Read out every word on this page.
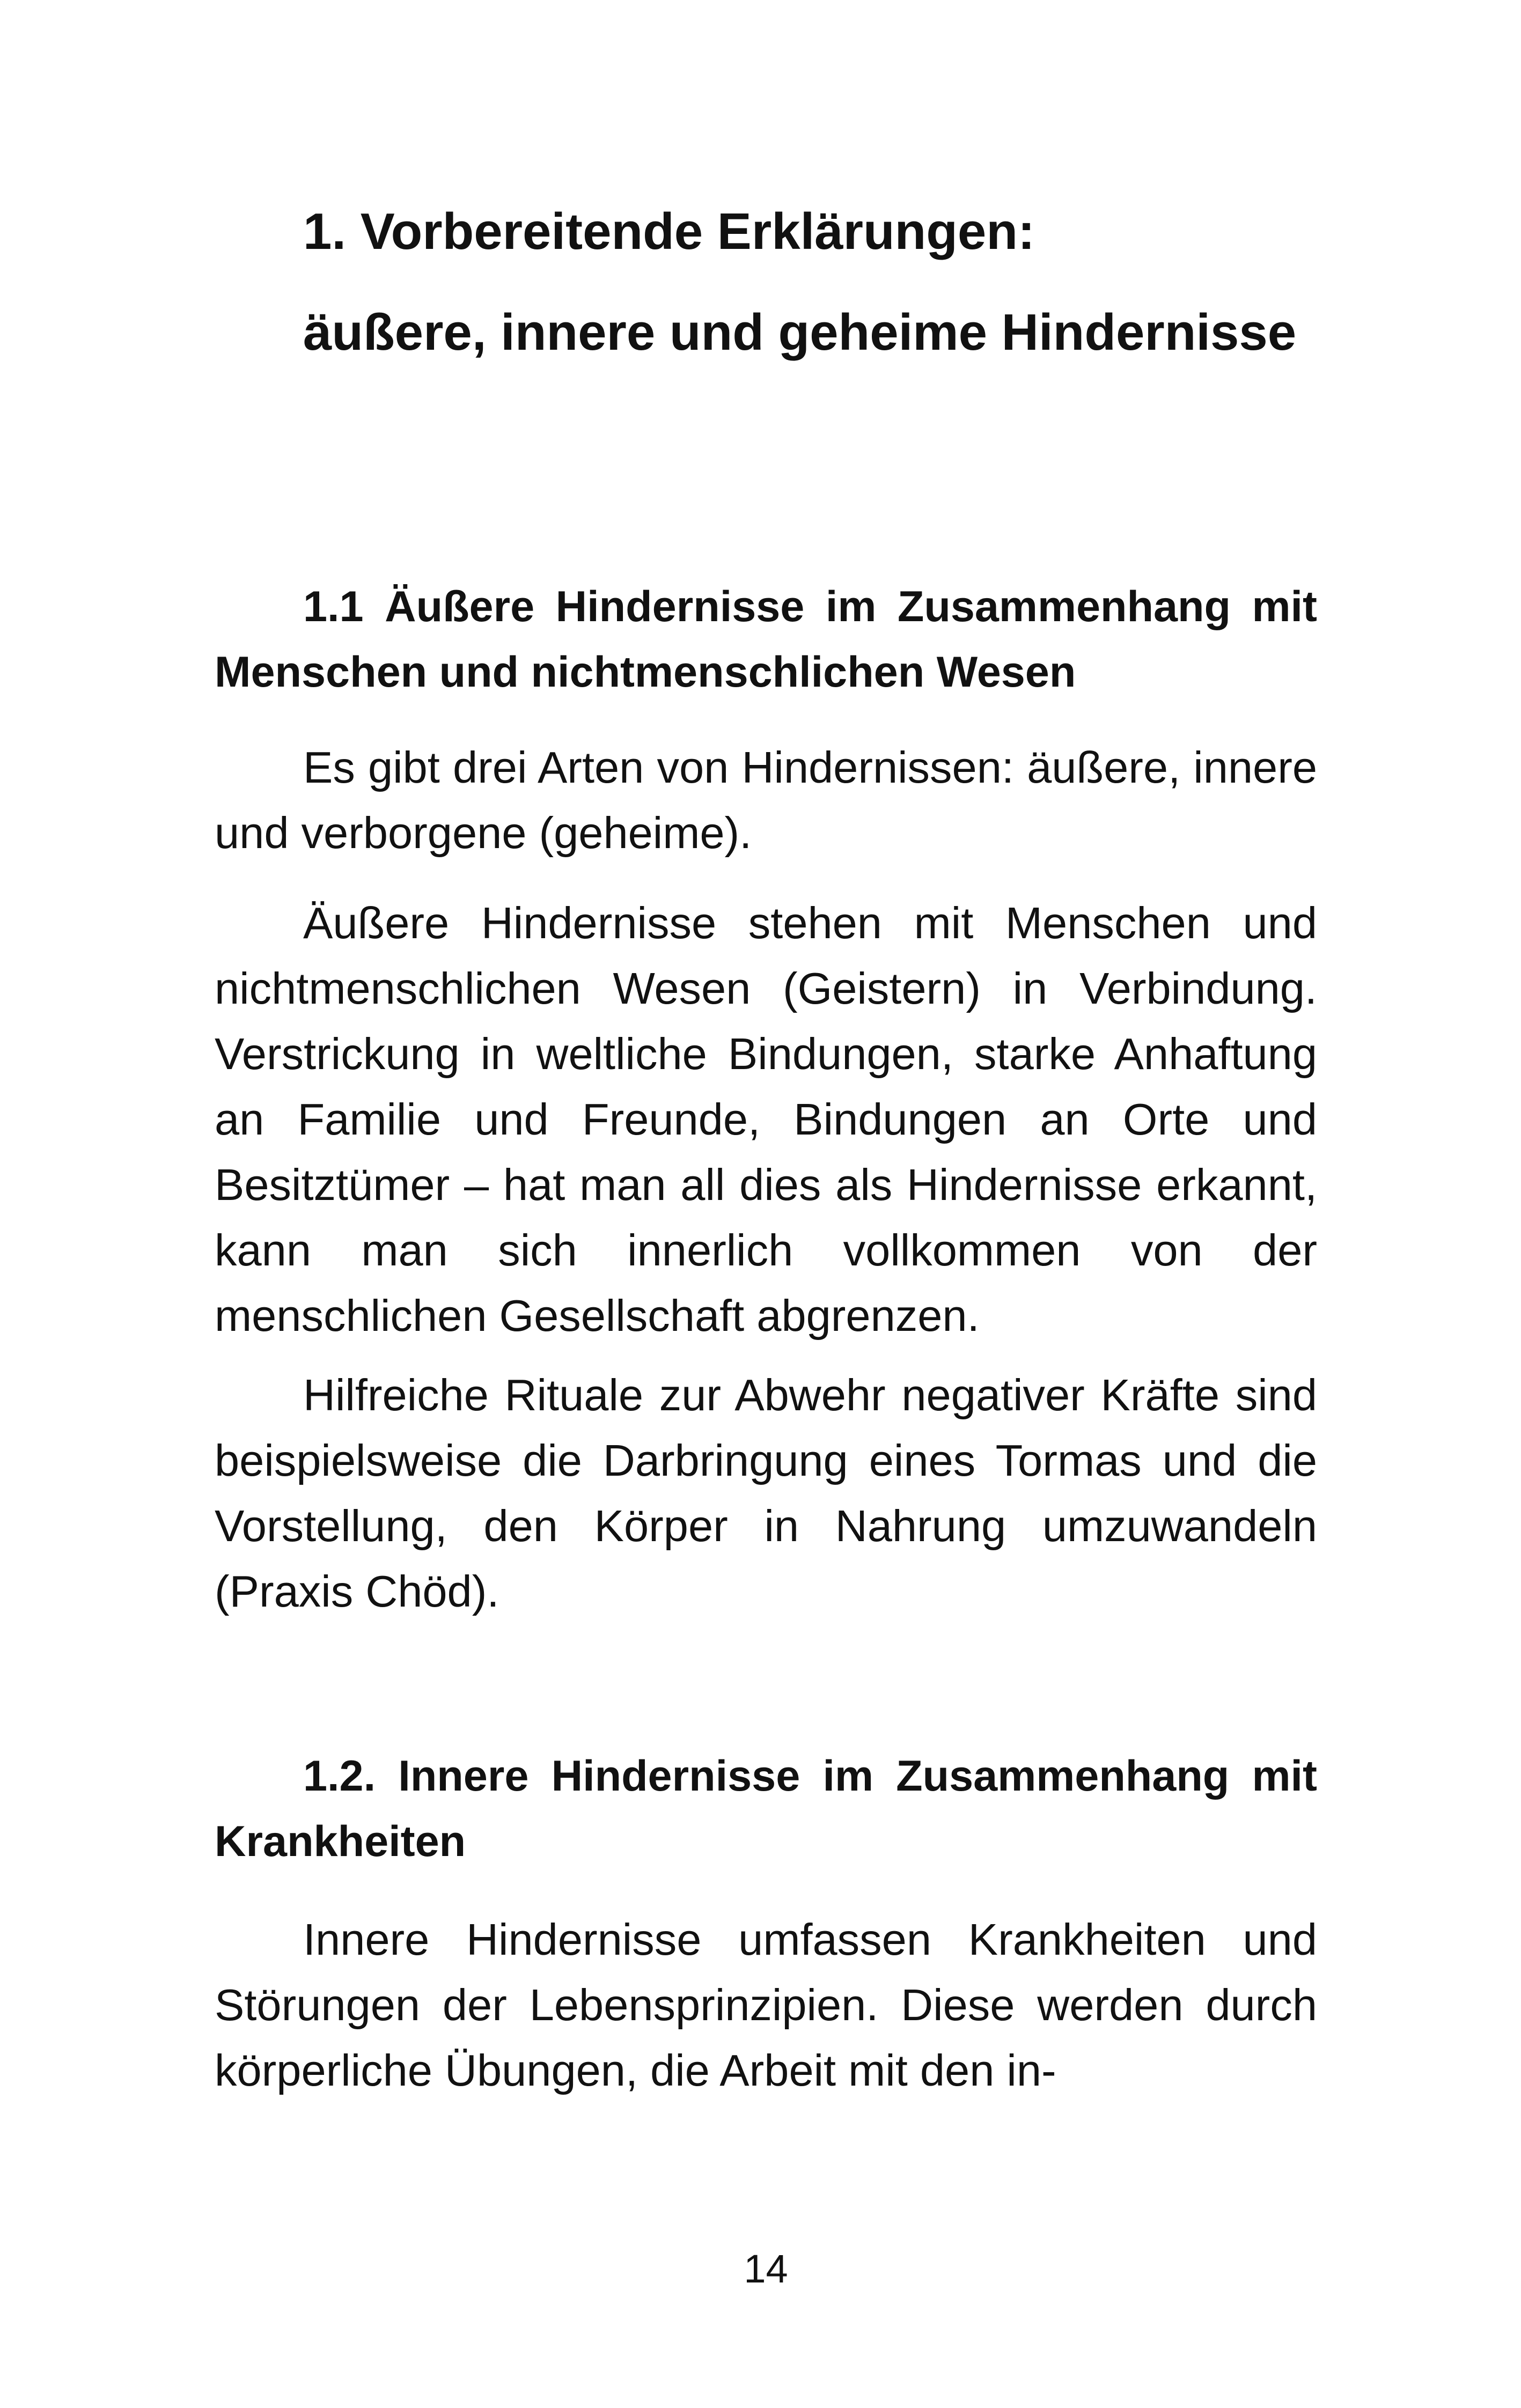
1. Vorbereitende Erklärungen:
äußere, innere und geheime Hindernisse
1.1 Äußere Hindernisse im Zusammenhang mit Menschen und nichtmenschlichen Wesen

Es gibt drei Arten von Hindernissen: äußere, innere und verborgene (geheime).

Äußere Hindernisse stehen mit Menschen und nichtmenschlichen Wesen (Geistern) in Verbindung. Verstrickung in weltliche Bindungen, starke Anhaftung an Familie und Freunde, Bindungen an Orte und Besitztümer – hat man all dies als Hindernisse erkannt, kann man sich innerlich vollkommen von der menschlichen Gesellschaft abgrenzen.

Hilfreiche Rituale zur Abwehr negativer Kräfte sind beispielsweise die Darbringung eines Tormas und die Vorstellung, den Körper in Nahrung umzuwandeln (Praxis Chöd).

1.2. Innere Hindernisse im Zusammenhang mit Krankheiten

Innere Hindernisse umfassen Krankheiten und Störungen der Lebensprinzipien. Diese werden durch körperliche Übungen, die Arbeit mit den in-

14
